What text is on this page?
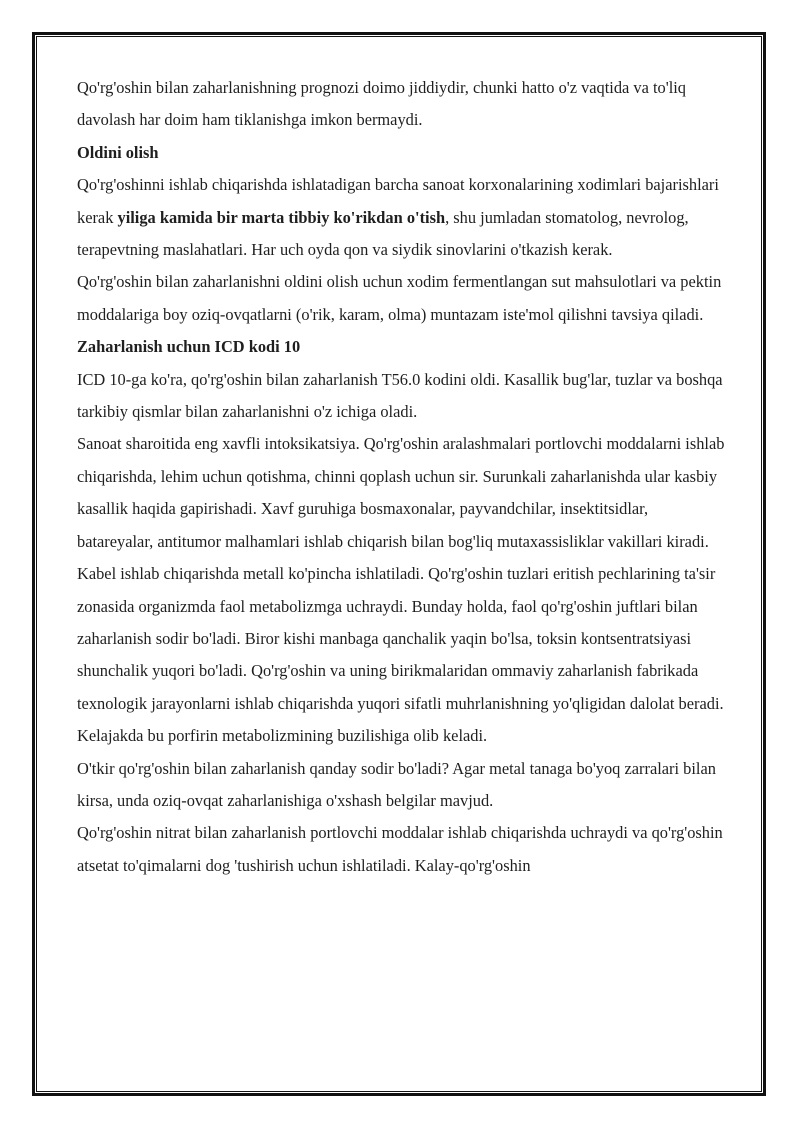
Qo'rg'oshin bilan zaharlanishning prognozi doimo jiddiydir, chunki hatto o'z vaqtida va to'liq davolash har doim ham tiklanishga imkon bermaydi.

Oldini olish

Qo'rg'oshinni ishlab chiqarishda ishlatadigan barcha sanoat korxonalarining xodimlari bajarishlari kerak yiliga kamida bir marta tibbiy ko'rikdan o'tish, shu jumladan stomatolog, nevrolog, terapevtning maslahatlari. Har uch oyda qon va siydik sinovlarini o'tkazish kerak.

Qo'rg'oshin bilan zaharlanishni oldini olish uchun xodim fermentlangan sut mahsulotlari va pektin moddalariga boy oziq-ovqatlarni (o'rik, karam, olma) muntazam iste'mol qilishni tavsiya qiladi.

Zaharlanish uchun ICD kodi 10

ICD 10-ga ko'ra, qo'rg'oshin bilan zaharlanish T56.0 kodini oldi. Kasallik bug'lar, tuzlar va boshqa tarkibiy qismlar bilan zaharlanishni o'z ichiga oladi.

Sanoat sharoitida eng xavfli intoksikatsiya. Qo'rg'oshin aralashmalari portlovchi moddalarni ishlab chiqarishda, lehim uchun qotishma, chinni qoplash uchun sir. Surunkali zaharlanishda ular kasbiy kasallik haqida gapirishadi. Xavf guruhiga bosmaxonalar, payvandchilar, insektitsidlar, batareyalar, antitumor malhamlari ishlab chiqarish bilan bog'liq mutaxassisliklar vakillari kiradi.

Kabel ishlab chiqarishda metall ko'pincha ishlatiladi. Qo'rg'oshin tuzlari eritish pechlarining ta'sir zonasida organizmda faol metabolizmga uchraydi. Bunday holda, faol qo'rg'oshin juftlari bilan zaharlanish sodir bo'ladi. Biror kishi manbaga qanchalik yaqin bo'lsa, toksin kontsentratsiyasi shunchalik yuqori bo'ladi. Qo'rg'oshin va uning birikmalaridan ommaviy zaharlanish fabrikada texnologik jarayonlarni ishlab chiqarishda yuqori sifatli muhrlanishning yo'qligidan dalolat beradi. Kelajakda bu porfirin metabolizmining buzilishiga olib keladi.

O'tkir qo'rg'oshin bilan zaharlanish qanday sodir bo'ladi? Agar metal tanaga bo'yoq zarralari bilan kirsa, unda oziq-ovqat zaharlanishiga o'xshash belgilar mavjud.

Qo'rg'oshin nitrat bilan zaharlanish portlovchi moddalar ishlab chiqarishda uchraydi va qo'rg'oshin atsetat to'qimalarni dog 'tushirish uchun ishlatiladi. Kalay-qo'rg'oshin
